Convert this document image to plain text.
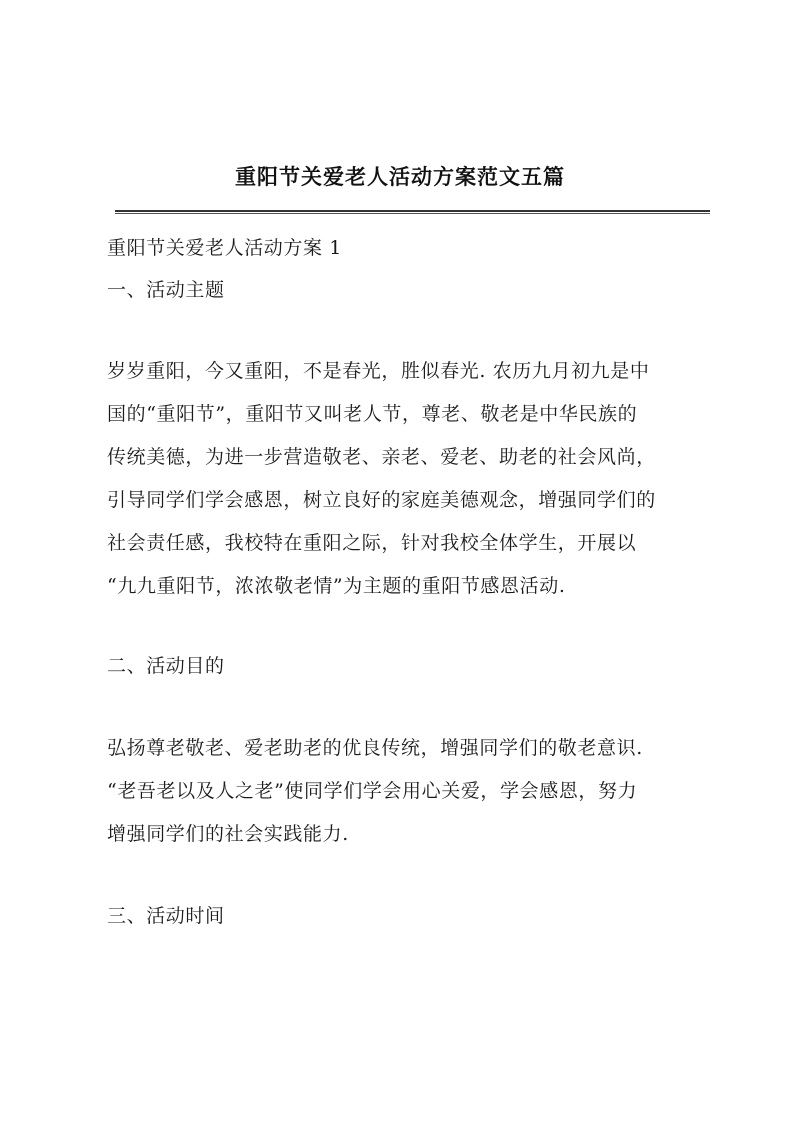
重阳节关爱老人活动方案范文五篇
重阳节关爱老人活动方案 1
一、活动主题
岁岁重阳，今又重阳，不是春光，胜似春光. 农历九月初九是中
国的“重阳节”，重阳节又叫老人节，尊老、敬老是中华民族的
传统美德，为进一步营造敬老、亲老、爱老、助老的社会风尚，
引导同学们学会感恩，树立良好的家庭美德观念，增强同学们的
社会责任感，我校特在重阳之际，针对我校全体学生，开展以
“九九重阳节，浓浓敬老情”为主题的重阳节感恩活动.
二、活动目的
弘扬尊老敬老、爱老助老的优良传统，增强同学们的敬老意识.
“老吾老以及人之老”使同学们学会用心关爱，学会感恩，努力
增强同学们的社会实践能力.
三、活动时间
